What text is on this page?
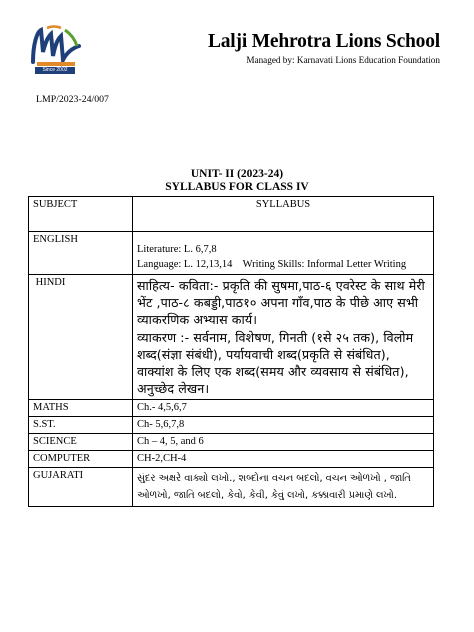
Since 2002
Lalji Mehrotra Lions School
Managed by: Karnavati Lions Education Foundation
LMP/2023-24/007
UNIT- II (2023-24)
SYLLABUS FOR CLASS IV
SUBJECT	SYLLABUS
ENGLISH	Literature: L. 6,7,8
Language: L. 12,13,14    Writing Skills: Informal Letter Writing

HINDI	साहित्य- कविता:- प्रकृति की सुषमा,पाठ-६ एवरेस्ट के साथ मेरी भेंट ,पाठ-८ कबड्डी,पाठ१० अपना गाँव,पाठ के पीछे आए सभी व्याकरणिक अभ्यास कार्य।
व्याकरण :- सर्वनाम, विशेषण, गिनती (१से २५ तक), विलोम शब्द(संज्ञा संबंधी), पर्यायवाची शब्द(प्रकृति से संबंधित), वाक्यांश के लिए एक शब्द(समय और व्यवसाय से संबंधित), अनुच्छेद लेखन।

MATHS	Ch.- 4,5,6,7
S.ST.	Ch- 5,6,7,8
SCIENCE	Ch – 4, 5, and 6
COMPUTER	CH-2,CH-4
GUJARATI	સુંદર અક્ષરે વાક્યો લખો., શબ્દોના વચન બદલો, વચન ઓળખો , જાતિ ઓળખો, જાતિ બદલો, કેવો, કેવી, કેવું લખો, કક્કાવારી પ્રમાણે લખો.
